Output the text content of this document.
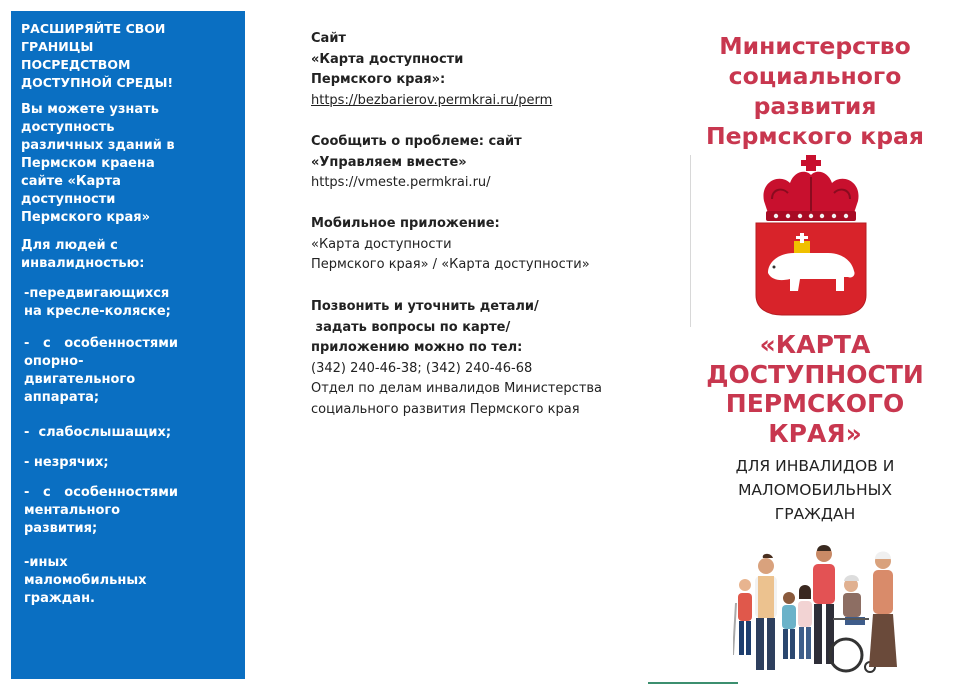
РАСШИРЯЙТЕ СВОИ
ГРАНИЦЫ
ПОСРЕДСТВОМ
ДОСТУПНОЙ СРЕДЫ!
Вы можете узнать
доступность
различных зданий в
Пермском краена
сайте «Карта
доступности
Пермского края»
Для людей с
инвалидностью:
-передвигающихся
на кресле-коляске;
-   с   особенностями
опорно-
двигательного
аппарата;
-  слабослышащих;
- незрячих;
-   с   особенностями
ментального
развития;
-иных
маломобильных
граждан.
Сайт
«Карта доступности
Пермского края»:
https://bezbarierov.permkrai.ru/perm
Сообщить о проблеме: сайт
«Управляем вместе»
https://vmeste.permkrai.ru/
Мобильное приложение:
«Карта доступности
Пермского края» / «Карта доступности»
Позвонить и уточнить детали/
задать вопросы по карте/
приложению можно по тел:
(342) 240-46-38; (342) 240-46-68
Отдел по делам инвалидов Министерства
социального развития Пермского края
Министерство
социального
развития
Пермского края
«КАРТА
ДОСТУПНОСТИ
ПЕРМСКОГО
КРАЯ»
ДЛЯ ИНВАЛИДОВ И
МАЛОМОБИЛЬНЫХ
ГРАЖДАН
